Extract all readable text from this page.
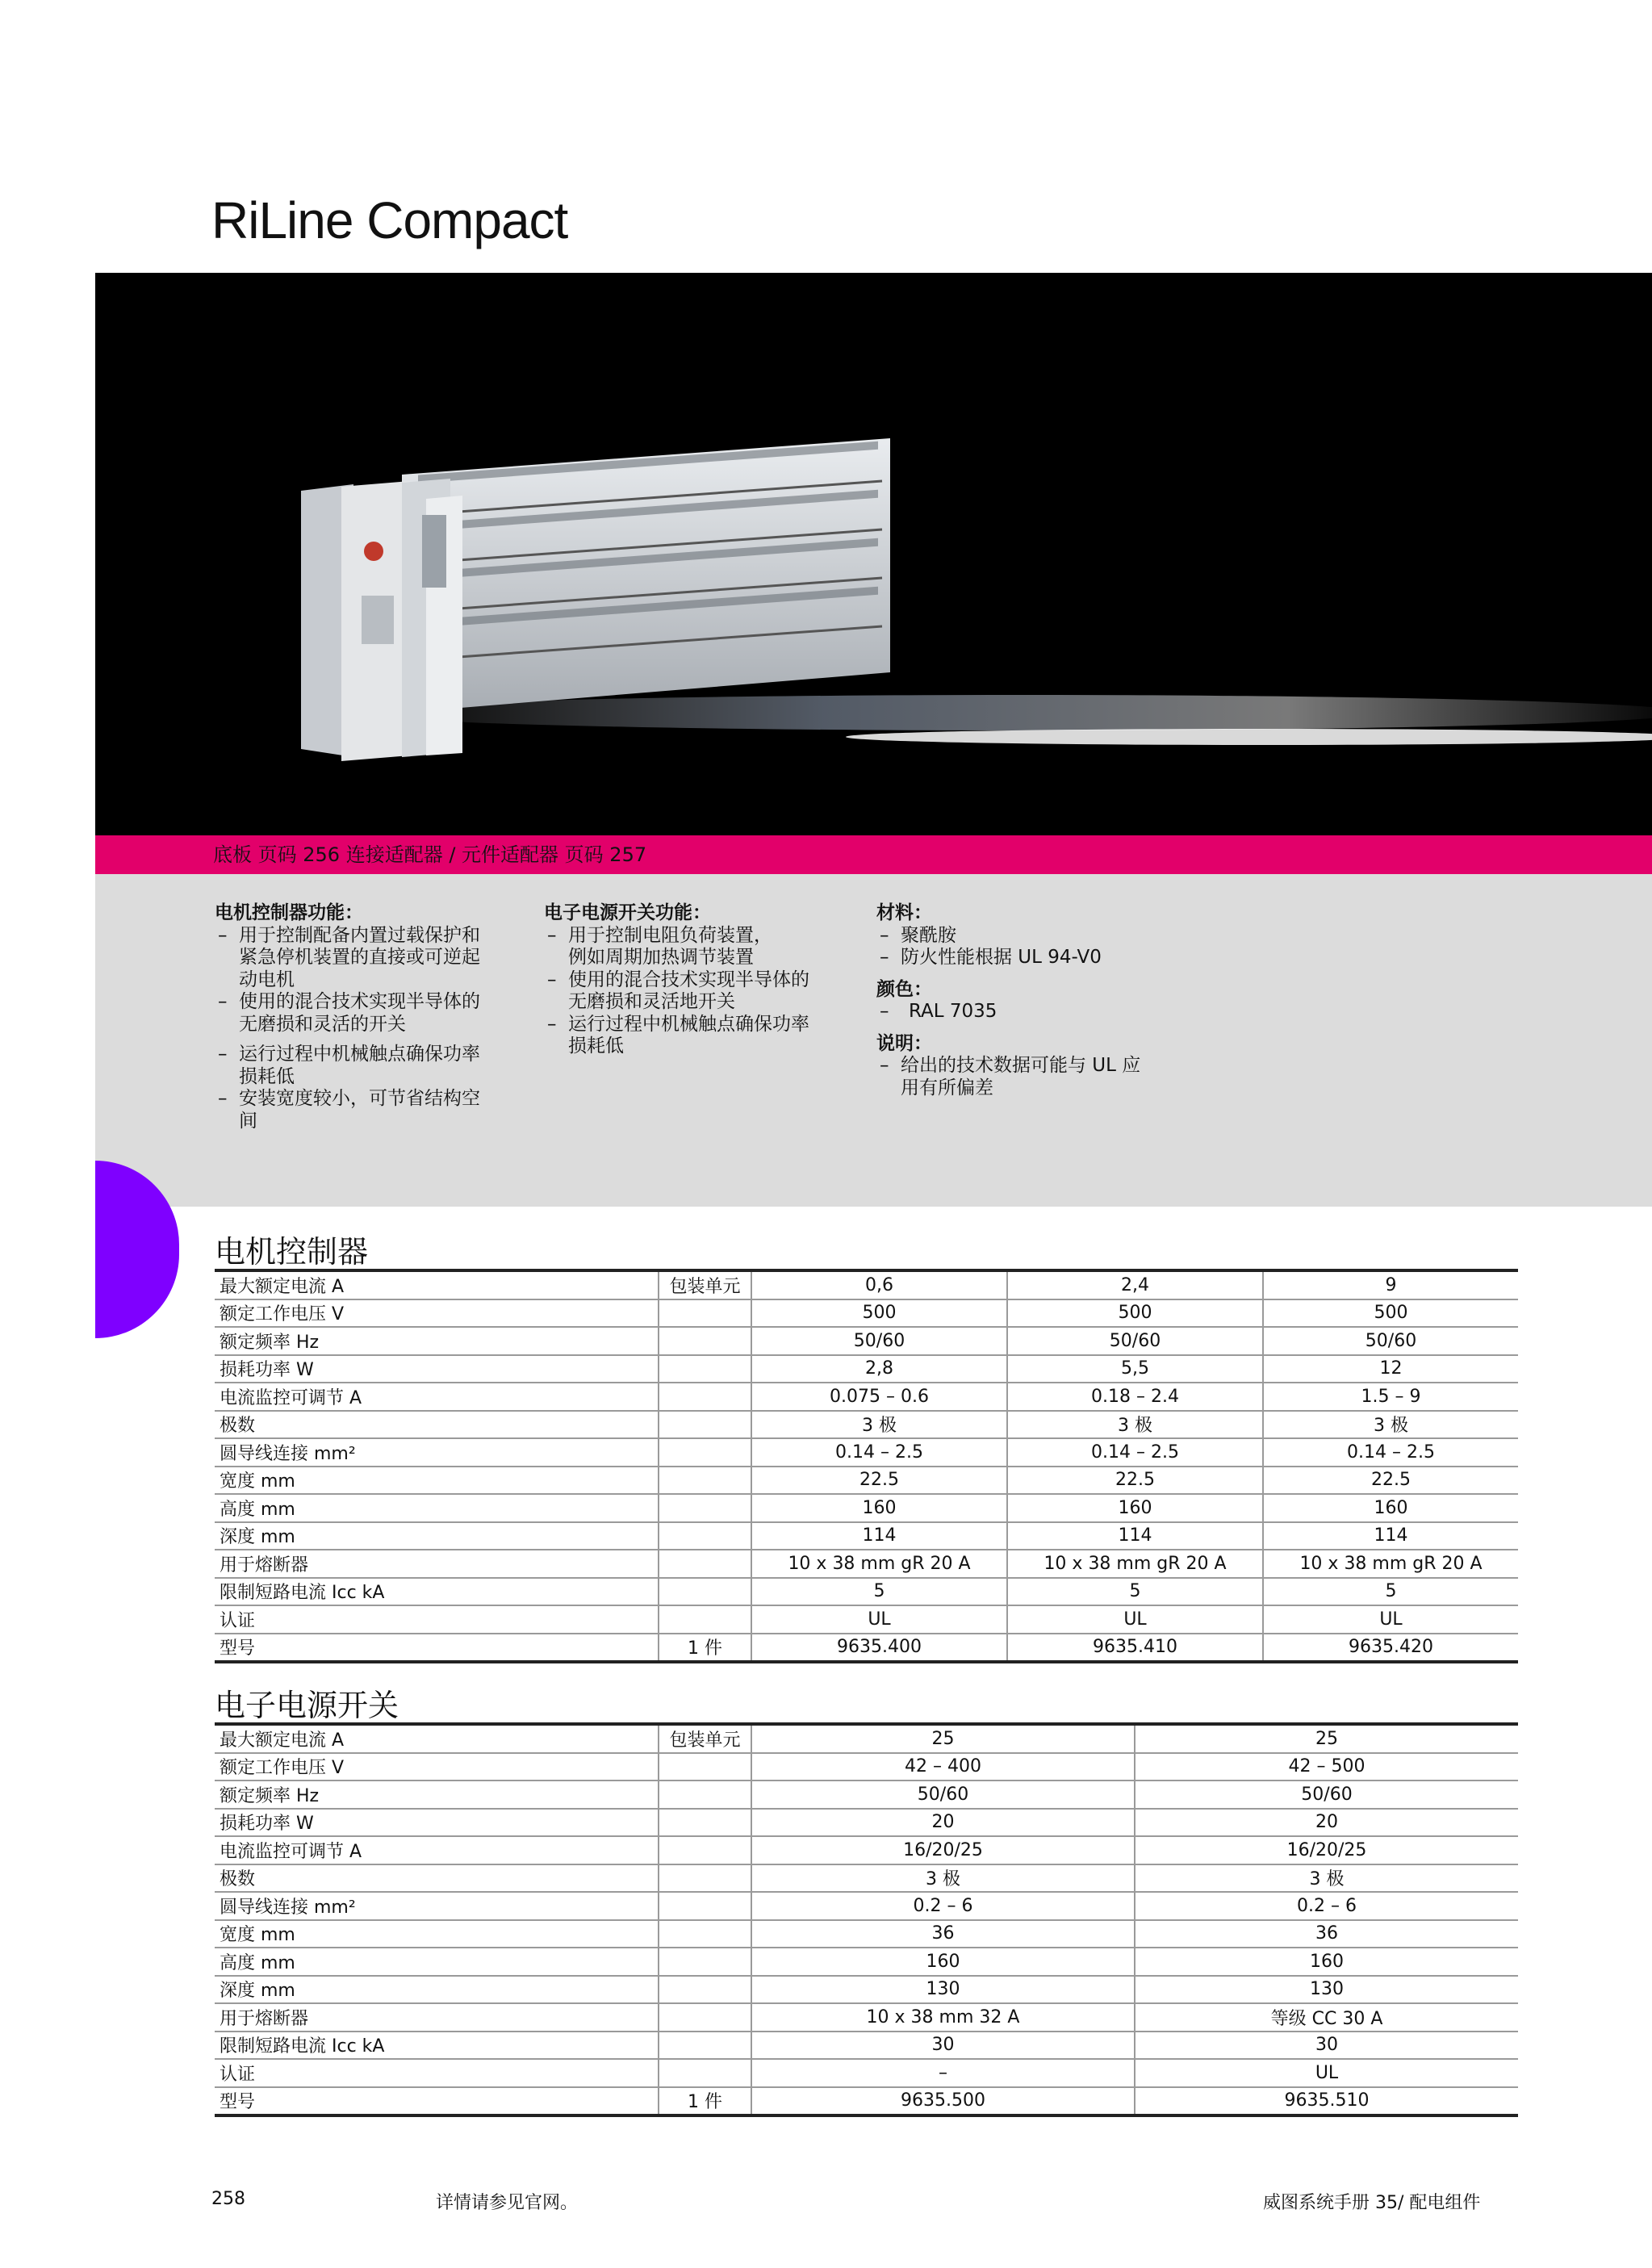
RiLine Compact
底板 页码 256 连接适配器 / 元件适配器 页码 257
电机控制器功能：
– 用于控制配备内置过载保护和
紧急停机装置的直接或可逆起
动电机
– 使用的混合技术实现半导体的
无磨损和灵活的开关
– 运行过程中机械触点确保功率
损耗低
– 安装宽度较小，可节省结构空
间
电子电源开关功能：
– 用于控制电阻负荷装置，
例如周期加热调节装置
– 使用的混合技术实现半导体的
无磨损和灵活地开关
– 运行过程中机械触点确保功率
损耗低
材料：
– 聚酰胺
– 防火性能根据 UL 94-V0
颜色：
– RAL 7035
说明：
– 给出的技术数据可能与 UL 应
用有所偏差
电机控制器
最大额定电流 A	包装单元	0,6	2,4	9
额定工作电压 V		500	500	500
额定频率 Hz		50/60	50/60	50/60
损耗功率 W		2,8	5,5	12
电流监控可调节 A		0.075 – 0.6	0.18 – 2.4	1.5 – 9
极数		3 极	3 极	3 极
圆导线连接 mm²		0.14 – 2.5	0.14 – 2.5	0.14 – 2.5
宽度 mm		22.5	22.5	22.5
高度 mm		160	160	160
深度 mm		114	114	114
用于熔断器		10 x 38 mm gR 20 A	10 x 38 mm gR 20 A	10 x 38 mm gR 20 A
限制短路电流 Icc kA		5	5	5
认证		UL	UL	UL
型号	1 件	9635.400	9635.410	9635.420
电子电源开关
最大额定电流 A	包装单元	25	25
额定工作电压 V		42 – 400	42 – 500
额定频率 Hz		50/60	50/60
损耗功率 W		20	20
电流监控可调节 A		16/20/25	16/20/25
极数		3 极	3 极
圆导线连接 mm²		0.2 – 6	0.2 – 6
宽度 mm		36	36
高度 mm		160	160
深度 mm		130	130
用于熔断器		10 x 38 mm 32 A	等级 CC 30 A
限制短路电流 Icc kA		30	30
认证		–	UL
型号	1 件	9635.500	9635.510
258	详情请参见官网。	威图系统手册 35/ 配电组件
